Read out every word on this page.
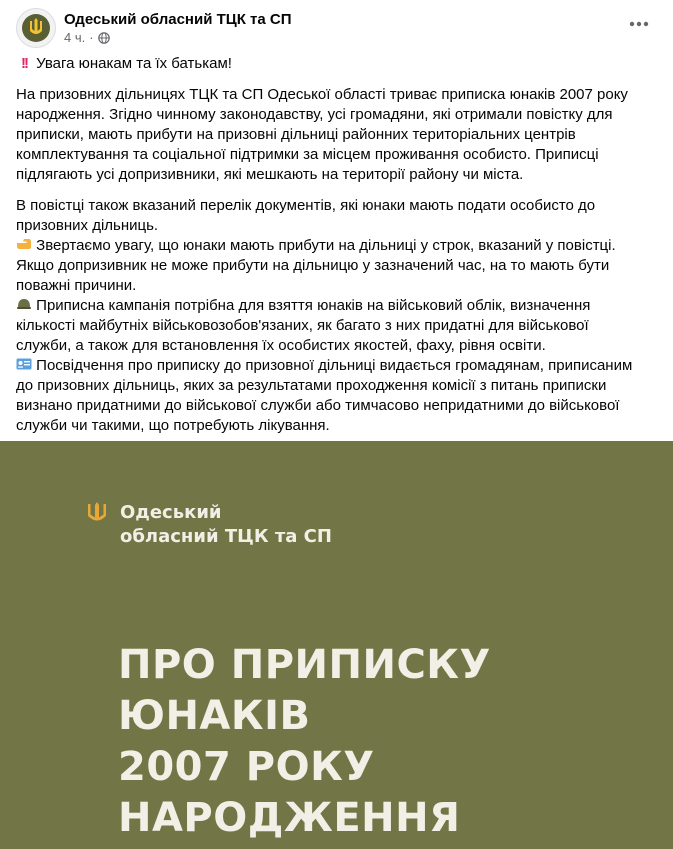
Одеський обласний ТЦК та СП
4 ч. ·

!! Увага юнакам та їх батькам!

На призовних дільницях ТЦК та СП Одеської області триває приписка юнаків 2007 року народження. Згідно чинному законодавству, усі громадяни, які отримали повістку для приписки, мають прибути на призовні дільниці районних територіальних центрів комплектування та соціальної підтримки за місцем проживання особисто. Приписці підлягають усі допризивники, які мешкають на території району чи міста.

В повістці також вказаний перелік документів, які юнаки мають подати особисто до призовних дільниць.

Звертаємо увагу, що юнаки мають прибути на дільниці у строк, вказаний у повістці. Якщо допризивник не може прибути на дільницю у зазначений час, на то мають бути поважні причини.

Приписна кампанія потрібна для взяття юнаків на військовий облік, визначення кількості майбутніх військовозобов'язаних, як багато з них придатні для військової служби, а також для встановлення їх особистих якостей, фаху, рівня освіти.

Посвідчення про приписку до призовної дільниці видається громадянам, приписаним до призовних дільниць, яких за результатами проходження комісії з питань приписки визнано придатними до військової служби або тимчасово непридатними до військової служби чи такими, що потребують лікування.

Одеський
обласний ТЦК та СП
ПРО ПРИПИСКУ
ЮНАКІВ
2007 РОКУ
НАРОДЖЕННЯ
